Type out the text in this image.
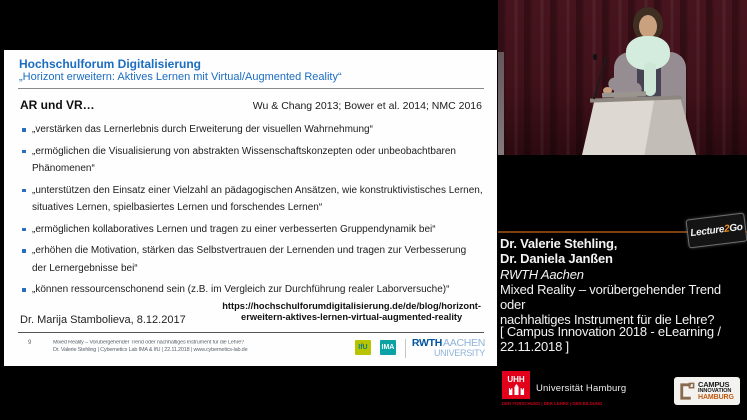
Hochschulforum Digitalisierung
„Horizont erweitern: Aktives Lernen mit Virtual/Augmented Reality“
AR und VR…	Wu & Chang 2013; Bower et al. 2014; NMC 2016
„verstärken das Lernerlebnis durch Erweiterung der visuellen Wahrnehmung“
„ermöglichen die Visualisierung von abstrakten Wissenschaftskonzepten oder unbeobachtbaren Phänomenen“
„unterstützen den Einsatz einer Vielzahl an pädagogischen Ansätzen, wie konstruktivistisches Lernen, situatives Lernen, spielbasiertes Lernen und forschendes Lernen“
„ermöglichen kollaboratives Lernen und tragen zu einer verbesserten Gruppendynamik bei“
„erhöhen die Motivation, stärken das Selbstvertrauen der Lernenden und tragen zur Verbesserung der Lernergebnisse bei“
„können ressourcenschonend sein (z.B. im Vergleich zur Durchführung realer Laborversuche)“
Dr. Marija Stambolieva, 8.12.2017
https://hochschulforumdigitalisierung.de/de/blog/horizont-
erweitern-aktives-lernen-virtual-augmented-reality
9	Mixed Reality – Vorübergehender Trend oder nachhaltiges Instrument für die Lehre?
Dr. Valerie Stehling | Cybernetics Lab IMA & IfU | 22.11.2018 | www.cybernetics-lab.de	IfU	IMA RWTH AACHEN
UNIVERSITY
Lecture
2
Go
Dr. Valerie Stehling,
Dr. Daniela Janßen
RWTH Aachen
Mixed Reality – vorübergehender Trend oder
nachhaltiges Instrument für die Lehre?
[ Campus Innovation 2018 - eLearning /
22.11.2018 ]
UHH
Universität Hamburg
DER FORSCHUNG | DER LEHRE | DER BILDUNG
CAMPUS
INNOVATION
HAMBURG
